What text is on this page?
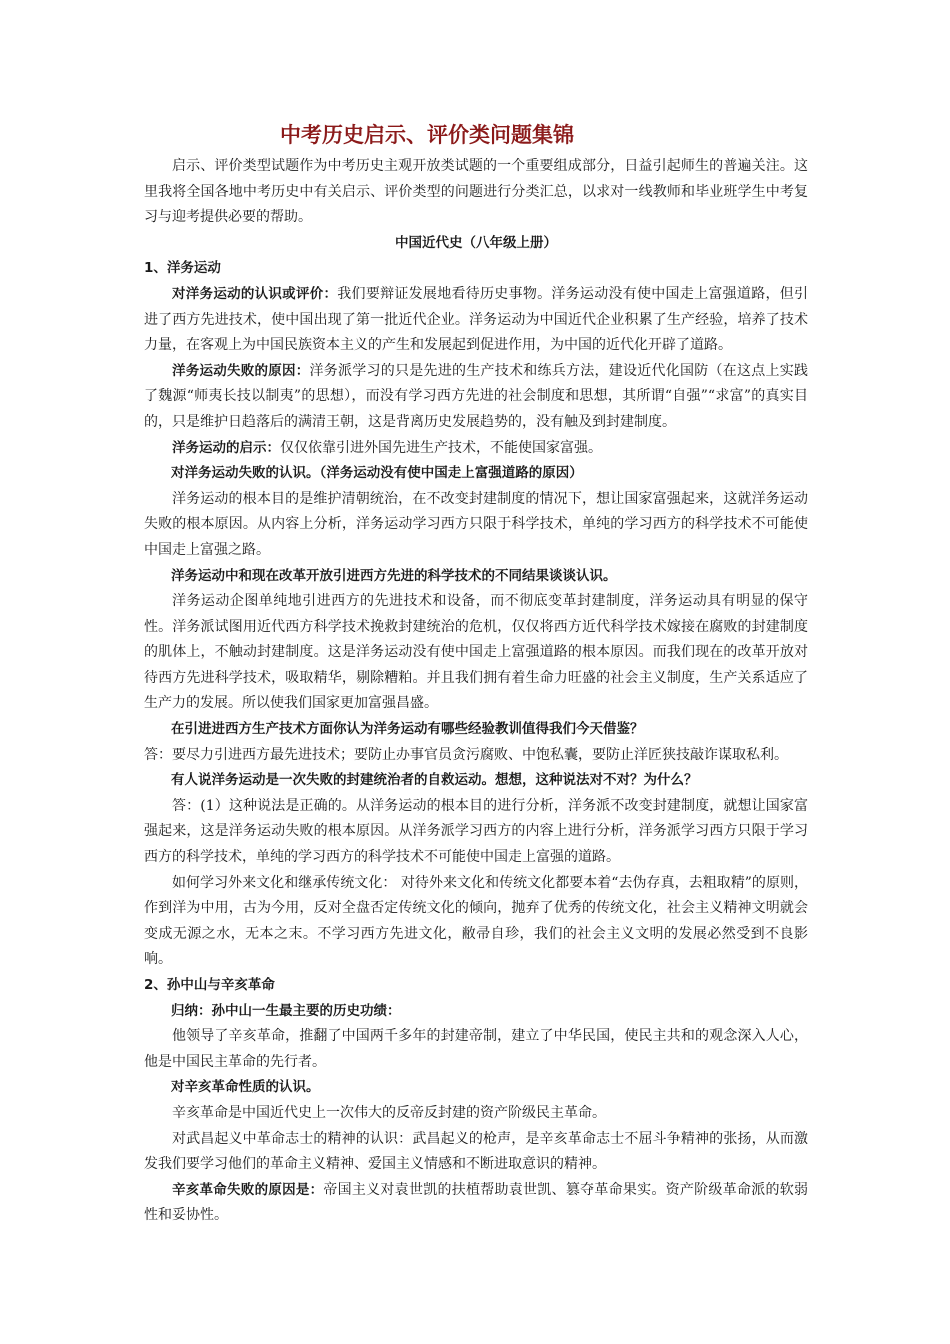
中考历史启示、评价类问题集锦

启示、评价类型试题作为中考历史主观开放类试题的一个重要组成部分，日益引起师生的普遍关注。这里我将全国各地中考历史中有关启示、评价类型的问题进行分类汇总，以求对一线教师和毕业班学生中考复习与迎考提供必要的帮助。

中国近代史（八年级上册）

1、洋务运动

对洋务运动的认识或评价：我们要辩证发展地看待历史事物。洋务运动没有使中国走上富强道路，但引进了西方先进技术，使中国出现了第一批近代企业。洋务运动为中国近代企业积累了生产经验，培养了技术力量，在客观上为中国民族资本主义的产生和发展起到促进作用，为中国的近代化开辟了道路。

洋务运动失败的原因：洋务派学习的只是先进的生产技术和练兵方法，建设近代化国防（在这点上实践了魏源“师夷长技以制夷”的思想），而没有学习西方先进的社会制度和思想，其所谓“自强”“求富”的真实目的，只是维护日趋落后的满清王朝，这是背离历史发展趋势的，没有触及到封建制度。

洋务运动的启示：仅仅依靠引进外国先进生产技术，不能使国家富强。

对洋务运动失败的认识。（洋务运动没有使中国走上富强道路的原因）

洋务运动的根本目的是维护清朝统治，在不改变封建制度的情况下，想让国家富强起来，这就洋务运动失败的根本原因。从内容上分析，洋务运动学习西方只限于科学技术，单纯的学习西方的科学技术不可能使中国走上富强之路。

洋务运动中和现在改革开放引进西方先进的科学技术的不同结果谈谈认识。

洋务运动企图单纯地引进西方的先进技术和设备，而不彻底变革封建制度，洋务运动具有明显的保守性。洋务派试图用近代西方科学技术挽救封建统治的危机，仅仅将西方近代科学技术嫁接在腐败的封建制度的肌体上，不触动封建制度。这是洋务运动没有使中国走上富强道路的根本原因。而我们现在的改革开放对待西方先进科学技术，吸取精华，剔除糟粕。并且我们拥有着生命力旺盛的社会主义制度，生产关系适应了生产力的发展。所以使我们国家更加富强昌盛。

在引进进西方生产技术方面你认为洋务运动有哪些经验教训值得我们今天借鉴？

答：要尽力引进西方最先进技术；要防止办事官员贪污腐败、中饱私囊，要防止洋匠狭技敲诈谋取私利。

有人说洋务运动是一次失败的封建统治者的自救运动。想想，这种说法对不对？为什么？

答：(1）这种说法是正确的。从洋务运动的根本目的进行分析，洋务派不改变封建制度，就想让国家富强起来，这是洋务运动失败的根本原因。从洋务派学习西方的内容上进行分析，洋务派学习西方只限于学习西方的科学技术，单纯的学习西方的科学技术不可能使中国走上富强的道路。

如何学习外来文化和继承传统文化： 对待外来文化和传统文化都要本着“去伪存真，去粗取精”的原则，作到洋为中用，古为今用，反对全盘否定传统文化的倾向，抛弃了优秀的传统文化，社会主义精神文明就会变成无源之水，无本之末。不学习西方先进文化，敝帚自珍，我们的社会主义文明的发展必然受到不良影响。

2、孙中山与辛亥革命

归纳：孙中山一生最主要的历史功绩：

他领导了辛亥革命，推翻了中国两千多年的封建帝制，建立了中华民国，使民主共和的观念深入人心，他是中国民主革命的先行者。

对辛亥革命性质的认识。

辛亥革命是中国近代史上一次伟大的反帝反封建的资产阶级民主革命。

对武昌起义中革命志士的精神的认识：武昌起义的枪声，是辛亥革命志士不屈斗争精神的张扬，从而激发我们要学习他们的革命主义精神、爱国主义情感和不断进取意识的精神。

辛亥革命失败的原因是：帝国主义对袁世凯的扶植帮助袁世凯、篡夺革命果实。资产阶级革命派的软弱性和妥协性。
